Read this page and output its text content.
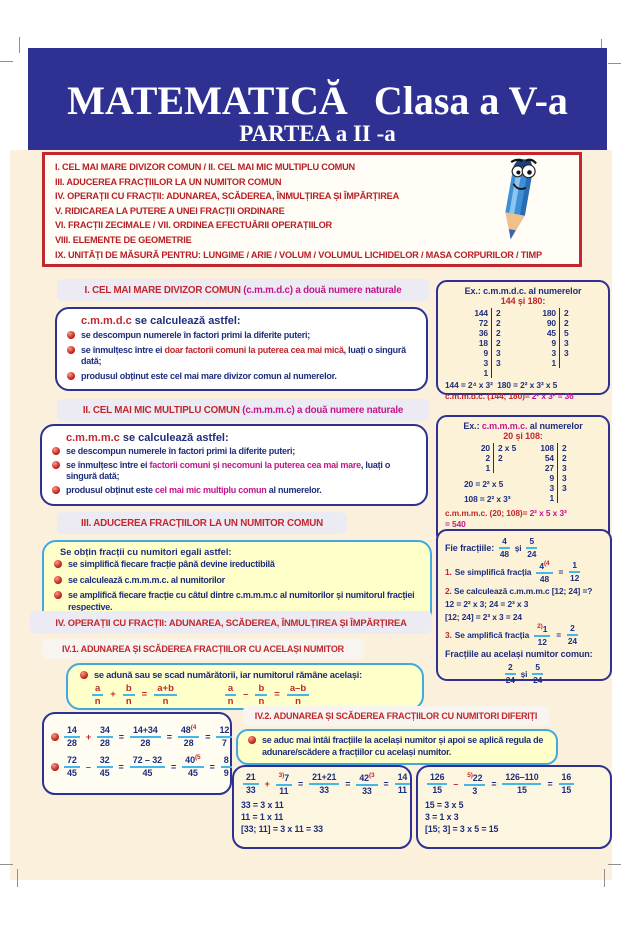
MATEMATICĂ Clasa a V-a
PARTEA a II -a
I. CEL MAI MARE DIVIZOR COMUN / II. CEL MAI MIC MULTIPLU COMUN
III. ADUCEREA FRACȚIILOR LA UN NUMITOR COMUN
IV. OPERAȚII CU FRACȚII: ADUNAREA, SCĂDEREA, ÎNMULȚIREA ȘI ÎMPĂRȚIREA
V. RIDICAREA LA PUTERE A UNEI FRACȚII ORDINARE
VI. FRACȚII ZECIMALE / VII. ORDINEA EFECTUĂRII OPERAȚIILOR
VIII. ELEMENTE DE GEOMETRIE
IX. UNITĂȚI DE MĂSURĂ PENTRU: LUNGIME / ARIE / VOLUM / VOLUMUL LICHIDELOR / MASA CORPURILOR / TIMP
I. CEL MAI MARE DIVIZOR COMUN
(c.m.m.d.c) a două numere naturale
c.m.m.d.c se calculează astfel:
se descompun numerele în factori primi la diferite puteri;
se înmulțesc între ei doar factorii comuni la puterea cea mai mică, luați o singură dată;
produsul obținut este cel mai mare divizor comun al numerelor.
Ex.: c.m.m.d.c. al numerelor
144 și 180:
144 2
72 2
36 2
18 2
9 3
3 3
1
180 2
90 2
45 5
9 3
3 3
1
144 = 2⁴ x 3² 180 = 2² x 3² x 5
c.m.m.d.c. (144; 180)= 2² x 3² = 36
II. CEL MAI MIC MULTIPLU COMUN
(c.m.m.m.c) a două numere naturale
c.m.m.m.c se calculează astfel:
se descompun numerele în factori primi la diferite puteri;
se înmulțesc între ei factorii comuni și necomuni la puterea cea mai mare, luați o singură dată;
produsul obținut este cel mai mic multiplu comun al numerelor.
Ex.: c.m.m.m.c. al numerelor
20 și 108:
20 2 x 5
2 2
1
20 = 2² x 5
108 = 2² x 3³
108 2
54 2
27 3
9 3
3 3
1
c.m.m.m.c. (20; 108)= 2² x 5 x 3³
= 540
III. ADUCEREA FRACȚIILOR LA UN NUMITOR COMUN
Se obțin fracții cu numitori egali astfel:
se simplifică fiecare fracție până devine ireductibilă
se calculează c.m.m.m.c. al numitorilor
se amplifică fiecare fracție cu câtul dintre c.m.m.m.c al numitorilor și numitorul fracției respective.
Fie fracțiile: $\frac{4}{48}$ și $\frac{5}{24}$
1. Se simplifică fracția $\frac{4^{(4}}{48} = \frac{1}{12}$
2. Se calculează c.m.m.m.c [12; 24] =?
12 = 2² x 3; 24 = 2³ x 3
[12; 24] = 2³ x 3 = 24
3. Se amplifică fracția $\frac{^{2)}1}{12} = \frac{2}{24}$
Fracțiile au același numitor comun:
$\frac{2}{24}$ și $\frac{5}{24}$
IV. OPERAȚII CU FRACȚII: ADUNAREA, SCĂDEREA, ÎNMULȚIREA ȘI ÎMPĂRȚIREA
IV.1. ADUNAREA ȘI SCĂDEREA FRACȚIILOR CU ACELAȘI NUMITOR
se adună sau se scad numărătorii, iar numitorul rămâne același:
$\frac{a}{n} + \frac{b}{n} = \frac{a+b}{n}$	$\frac{a}{n} - \frac{b}{n} = \frac{a-b}{n}$
$\frac{14}{28} + \frac{34}{28} = \frac{14+34}{28} = \frac{48^{(4}}{28} = \frac{12}{7}$
$\frac{72}{45} - \frac{32}{45} = \frac{72 - 32}{45} = \frac{40^{(5}}{45} = \frac{8}{9}$
IV.2. ADUNAREA ȘI SCĂDEREA FRACȚIILOR CU NUMITORI DIFERIȚI
se aduc mai întâi fracțiile la același numitor și apoi se aplică regula de adunare/scădere a fracțiilor cu același numitor.
$\frac{21}{33} + \frac{^{3)}7}{11} = \frac{21+21}{33} = \frac{42^{(3}}{33} = \frac{14}{11}$
33 = 3 x 11
11 = 1 x 11
[33; 11] = 3 x 11 = 33
$\frac{126}{15} - \frac{^{5)}22}{3} = \frac{126-110}{15} = \frac{16}{15}$
15 = 3 x 5
3 = 1 x 3
[15; 3] = 3 x 5 = 15
